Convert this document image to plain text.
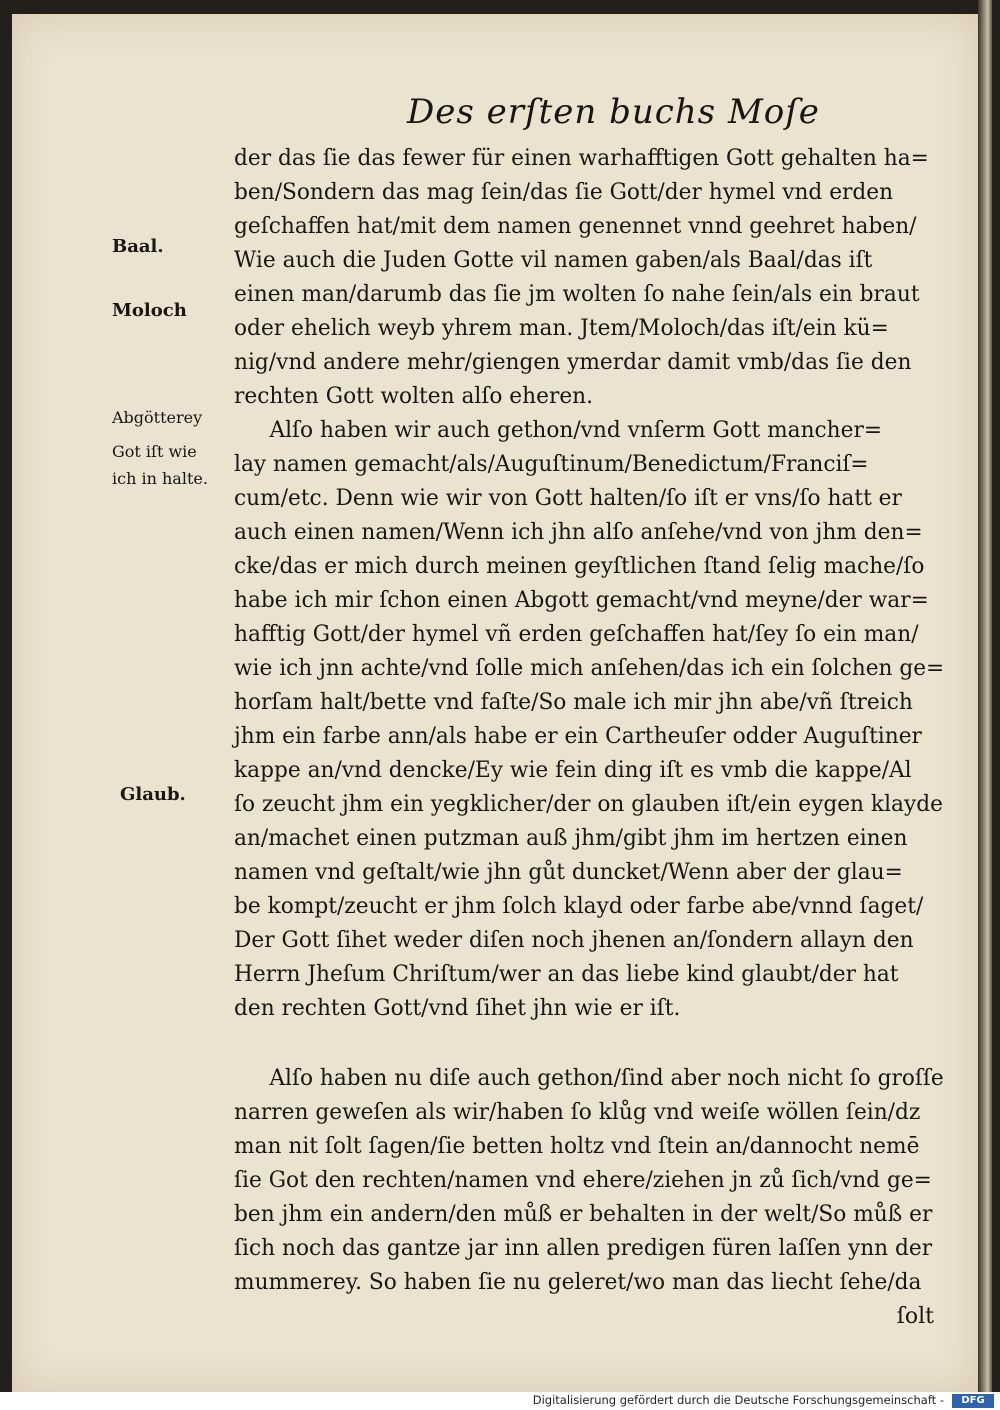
Des erſten buchs Moſe
der das ſie das fewer für einen warhafftigen Gott gehalten ha=
ben/Sondern das mag ſein/das ſie Gott/der hymel vnd erden
geſchaffen hat/mit dem namen genennet vnnd geehret haben/
Wie auch die Juden Gotte vil namen gaben/als Baal/das iſt
einen man/darumb das ſie jm wolten ſo nahe ſein/als ein braut
oder ehelich weyb yhrem man. Jtem/Moloch/das iſt/ein kü=
nig/vnd andere mehr/giengen ymerdar damit vmb/das ſie den
rechten Gott wolten alſo eheren.
Alſo haben wir auch gethon/vnd vnſerm Gott mancher=
lay namen gemacht/als/Auguſtinum/Benedictum/Franciſ=
cum/etc. Denn wie wir von Gott halten/ſo iſt er vns/ſo hatt er
auch einen namen/Wenn ich jhn alſo anſehe/vnd von jhm den=
cke/das er mich durch meinen geyſtlichen ſtand ſelig mache/ſo
habe ich mir ſchon einen Abgott gemacht/vnd meyne/der war=
hafftig Gott/der hymel vñ erden geſchaffen hat/ſey ſo ein man/
wie ich jnn achte/vnd ſolle mich anſehen/das ich ein ſolchen ge=
horſam halt/bette vnd faſte/So male ich mir jhn abe/vñ ſtreich
jhm ein farbe ann/als habe er ein Cartheuſer odder Auguſtiner
kappe an/vnd dencke/Ey wie fein ding iſt es vmb die kappe/Al
ſo zeucht jhm ein yegklicher/der on glauben iſt/ein eygen klayde
an/machet einen putzman auß jhm/gibt jhm im hertzen einen
namen vnd geſtalt/wie jhn gůt duncket/Wenn aber der glau=
be kompt/zeucht er jhm ſolch klayd oder farbe abe/vnnd ſaget/
Der Gott ſihet weder diſen noch jhenen an/ſondern allayn den
Herrn Jheſum Chriſtum/wer an das liebe kind glaubt/der hat
den rechten Gott/vnd ſihet jhn wie er iſt.
Alſo haben nu diſe auch gethon/ſind aber noch nicht ſo groſſe
narren geweſen als wir/haben ſo klůg vnd weiſe wöllen ſein/dz
man nit ſolt ſagen/ſie betten holtz vnd ſtein an/dannocht nemē
ſie Got den rechten/namen vnd ehere/ziehen jn zů ſich/vnd ge=
ben jhm ein andern/den můß er behalten in der welt/So můß er
ſich noch das gantze jar inn allen predigen füren laſſen ynn der
mummerey. So haben ſie nu geleret/wo man das liecht ſehe/da
ſolt
Baal.
Moloch
Abgötterey
Got iſt wie
ich in halte.
Glaub.
Digitalisierung gefördert durch die Deutsche Forschungsgemeinschaft -	DFG
